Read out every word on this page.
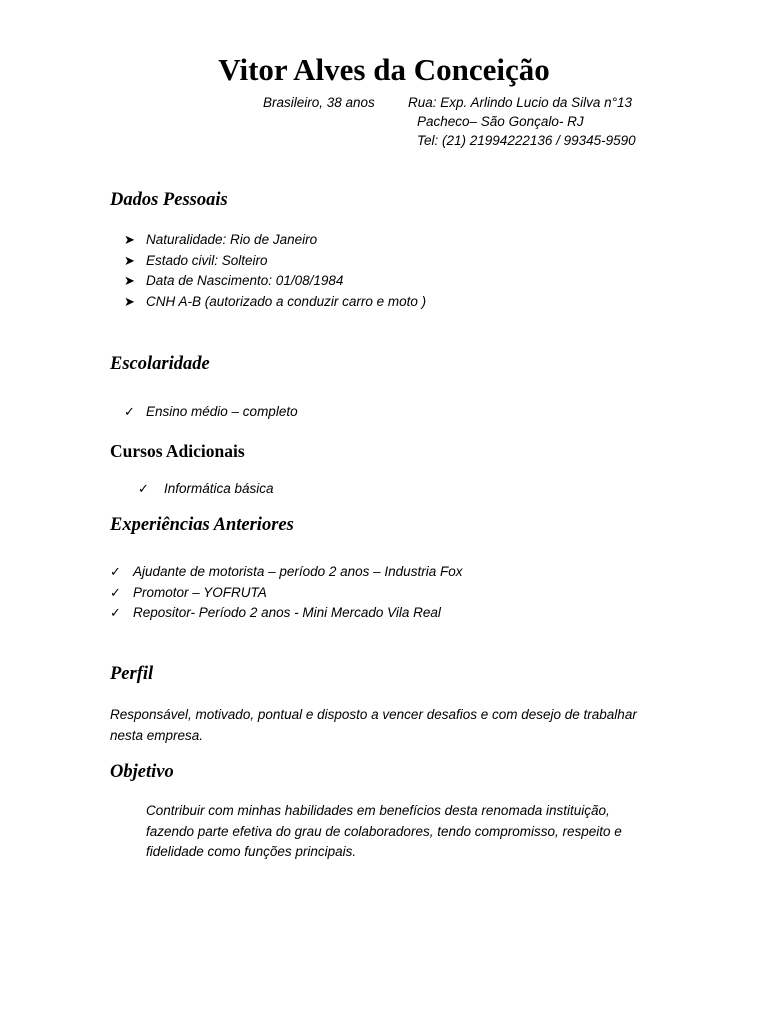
Vitor Alves da Conceição
Brasileiro, 38 anos Rua: Exp. Arlindo Lucio da Silva n°13
Pacheco– São Gonçalo- RJ
Tel: (21) 21994222136 / 99345-9590
Dados Pessoais
➤ Naturalidade: Rio de Janeiro
➤ Estado civil: Solteiro
➤ Data de Nascimento: 01/08/1984
➤ CNH A-B (autorizado a conduzir carro e moto )
Escolaridade
✓ Ensino médio – completo
Cursos Adicionais
✓ Informática básica
Experiências Anteriores
✓ Ajudante de motorista – período 2 anos – Industria Fox
✓ Promotor – YOFRUTA
✓ Repositor- Período 2 anos - Mini Mercado Vila Real
Perfil
Responsável, motivado, pontual e disposto a vencer desafios e com desejo de trabalhar
nesta empresa.
Objetivo
Contribuir com minhas habilidades em benefícios desta renomada instituição,
fazendo parte efetiva do grau de colaboradores, tendo compromisso, respeito e
fidelidade como funções principais.
